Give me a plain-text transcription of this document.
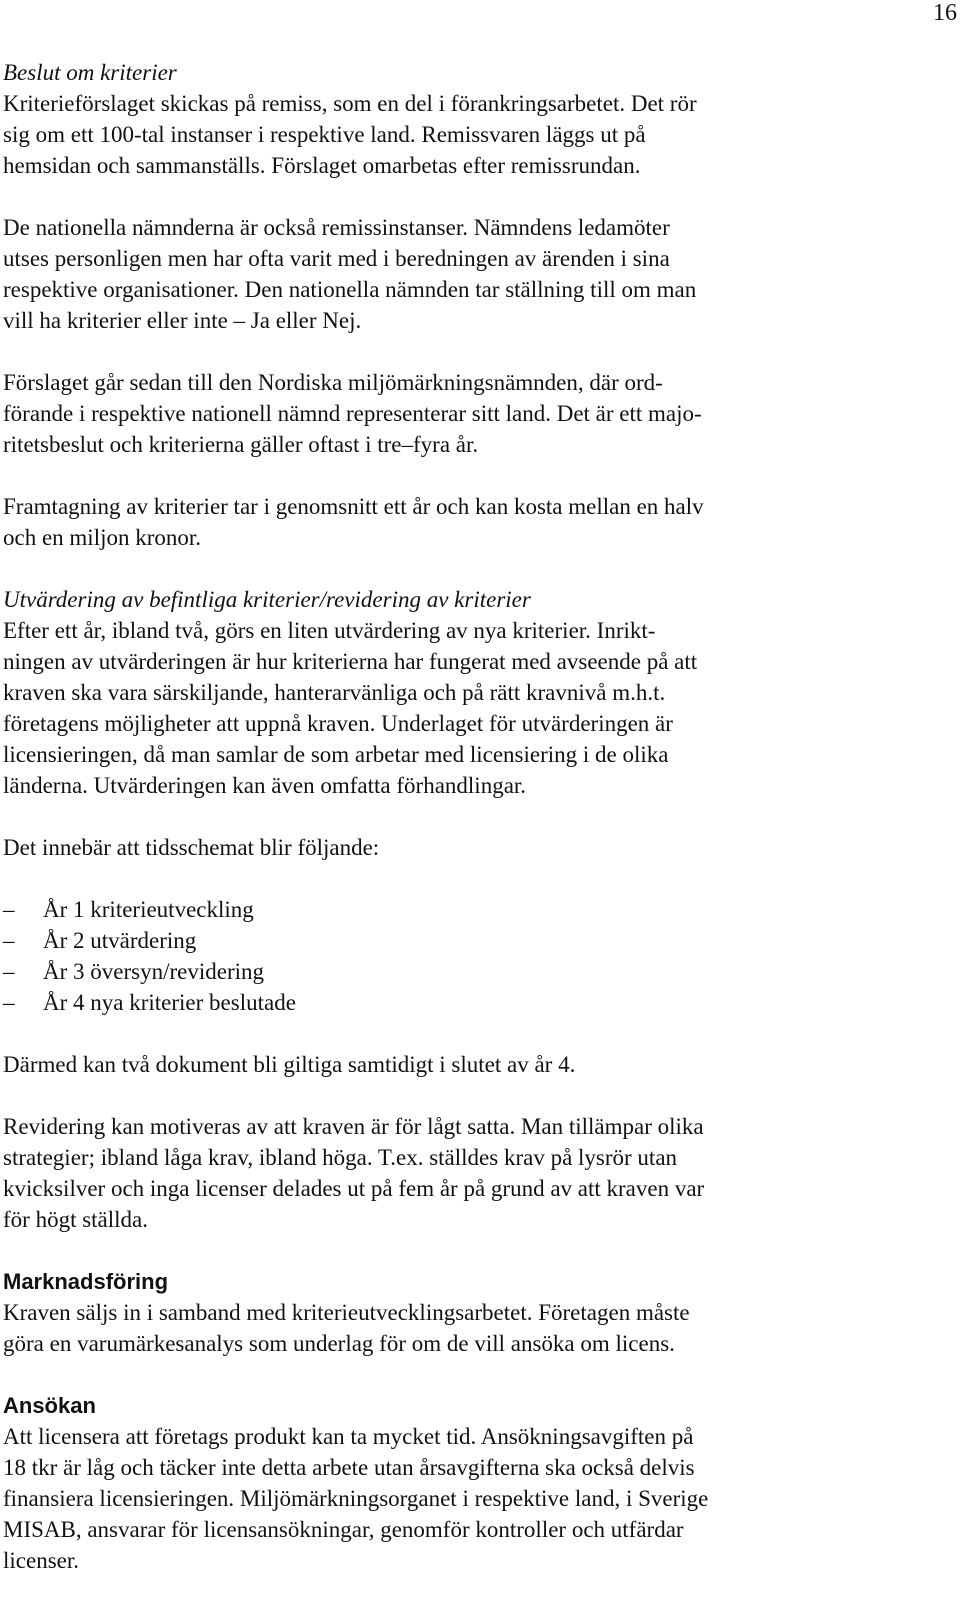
16

Beslut om kriterier
Kriterieförslaget skickas på remiss, som en del i förankringsarbetet. Det rör
sig om ett 100-tal instanser i respektive land. Remissvaren läggs ut på
hemsidan och sammanställs. Förslaget omarbetas efter remissrundan.

De nationella nämnderna är också remissinstanser. Nämndens ledamöter
utses personligen men har ofta varit med i beredningen av ärenden i sina
respektive organisationer. Den nationella nämnden tar ställning till om man
vill ha kriterier eller inte – Ja eller Nej.

Förslaget går sedan till den Nordiska miljömärkningsnämnden, där ord-
förande i respektive nationell nämnd representerar sitt land. Det är ett majo-
ritetsbeslut och kriterierna gäller oftast i tre–fyra år.

Framtagning av kriterier tar i genomsnitt ett år och kan kosta mellan en halv
och en miljon kronor.

Utvärdering av befintliga kriterier/revidering av kriterier
Efter ett år, ibland två, görs en liten utvärdering av nya kriterier. Inrikt-
ningen av utvärderingen är hur kriterierna har fungerat med avseende på att
kraven ska vara särskiljande, hanterarvänliga och på rätt kravnivå m.h.t.
företagens möjligheter att uppnå kraven. Underlaget för utvärderingen är
licensieringen, då man samlar de som arbetar med licensiering i de olika
länderna. Utvärderingen kan även omfatta förhandlingar.

Det innebär att tidsschemat blir följande:

– År 1 kriterieutveckling
– År 2 utvärdering
– År 3 översyn/revidering
– År 4 nya kriterier beslutade

Därmed kan två dokument bli giltiga samtidigt i slutet av år 4.

Revidering kan motiveras av att kraven är för lågt satta. Man tillämpar olika
strategier; ibland låga krav, ibland höga. T.ex. ställdes krav på lysrör utan
kvicksilver och inga licenser delades ut på fem år på grund av att kraven var
för högt ställda.

Marknadsföring
Kraven säljs in i samband med kriterieutvecklingsarbetet. Företagen måste
göra en varumärkesanalys som underlag för om de vill ansöka om licens.

Ansökan
Att licensera att företags produkt kan ta mycket tid. Ansökningsavgiften på
18 tkr är låg och täcker inte detta arbete utan årsavgifterna ska också delvis
finansiera licensieringen. Miljömärkningsorganet i respektive land, i Sverige
MISAB, ansvarar för licensansökningar, genomför kontroller och utfärdar
licenser.
